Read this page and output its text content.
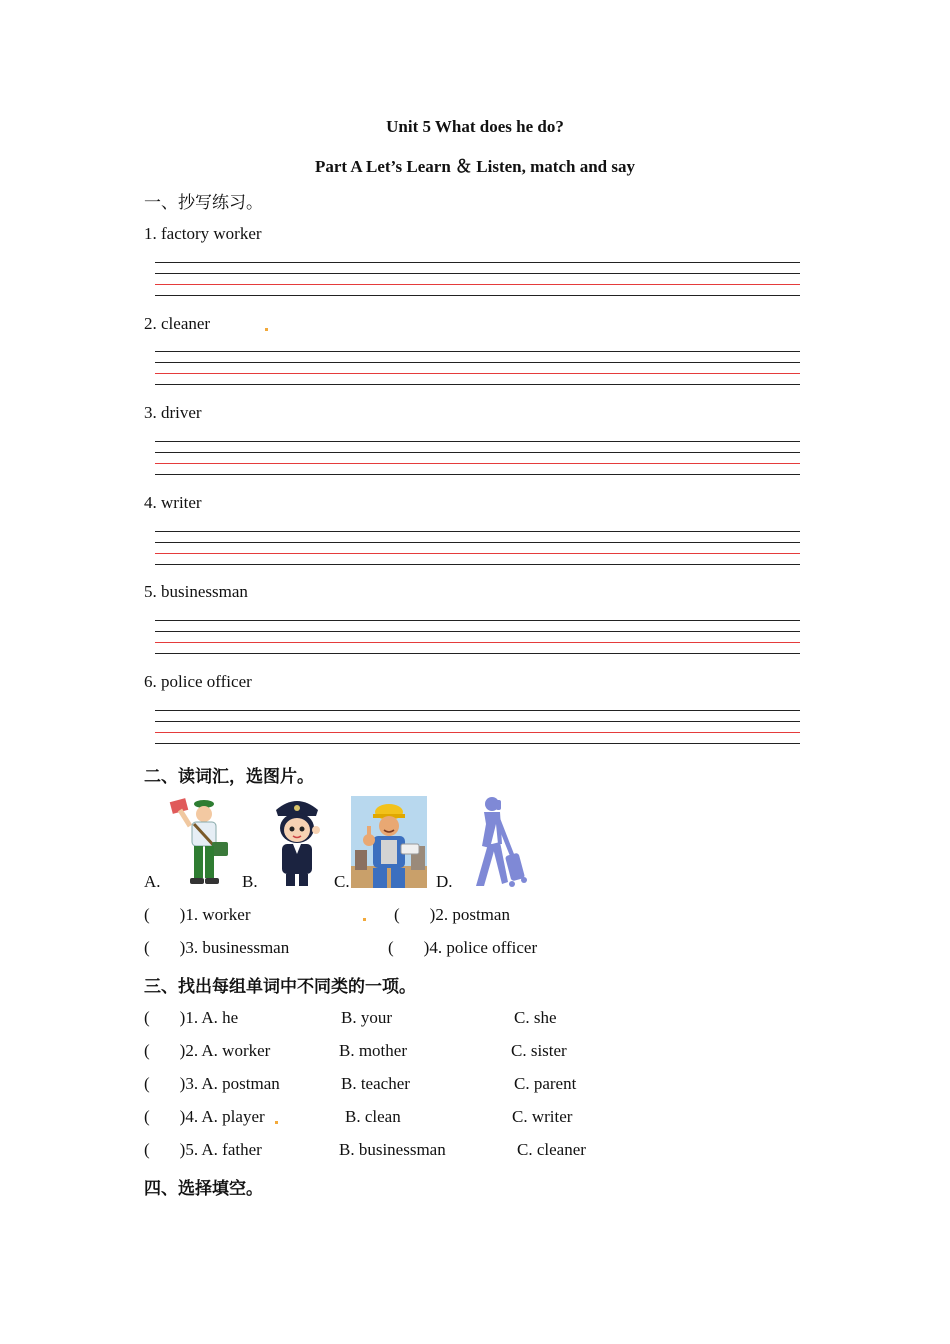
Unit 5 What does he do?
Part A Let’s Learn ＆ Listen, match and say
一、抄写练习。
1. factory worker
2. cleaner
3. driver
4. writer
5. businessman
6. police officer
二、读词汇，选图片。
A.	B.	C.	D.
( )1. worker	( )2. postman
( )3. businessman	( )4. police officer
三、找出每组单词中不同类的一项。
( )1. A. he	B. your	C. she
( )2. A. worker	B. mother	C. sister
( )3. A. postman	B. teacher	C. parent
( )4. A. player	B. clean	C. writer
( )5. A. father	B. businessman	C. cleaner
四、选择填空。
